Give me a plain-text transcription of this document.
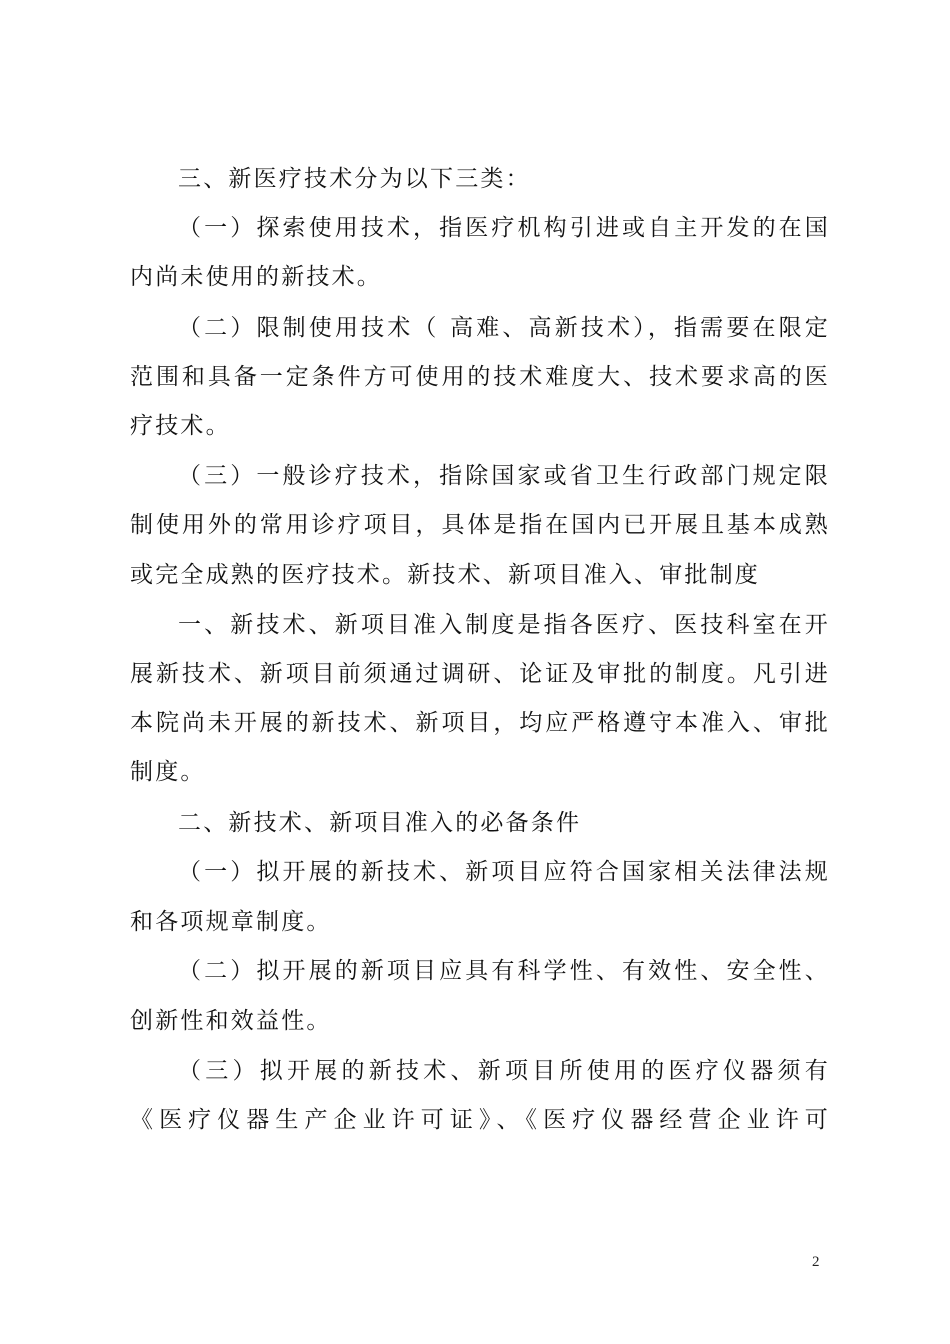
三、新医疗技术分为以下三类：
（一）探索使用技术，指医疗机构引进或自主开发的在国
内尚未使用的新技术。
（二）限制使用技术（ 高难、高新技术），指需要在限定
范围和具备一定条件方可使用的技术难度大、技术要求高的医
疗技术。
（三）一般诊疗技术，指除国家或省卫生行政部门规定限
制使用外的常用诊疗项目，具体是指在国内已开展且基本成熟
或完全成熟的医疗技术。新技术、新项目准入、审批制度
一、新技术、新项目准入制度是指各医疗、医技科室在开
展新技术、新项目前须通过调研、论证及审批的制度。凡引进
本院尚未开展的新技术、新项目，均应严格遵守本准入、审批
制度。
二、新技术、新项目准入的必备条件
（一）拟开展的新技术、新项目应符合国家相关法律法规
和各项规章制度。
（二）拟开展的新项目应具有科学性、有效性、安全性、
创新性和效益性。
（三）拟开展的新技术、新项目所使用的医疗仪器须有
《医疗仪器生产企业许可证》、《医疗仪器经营企业许可
2
